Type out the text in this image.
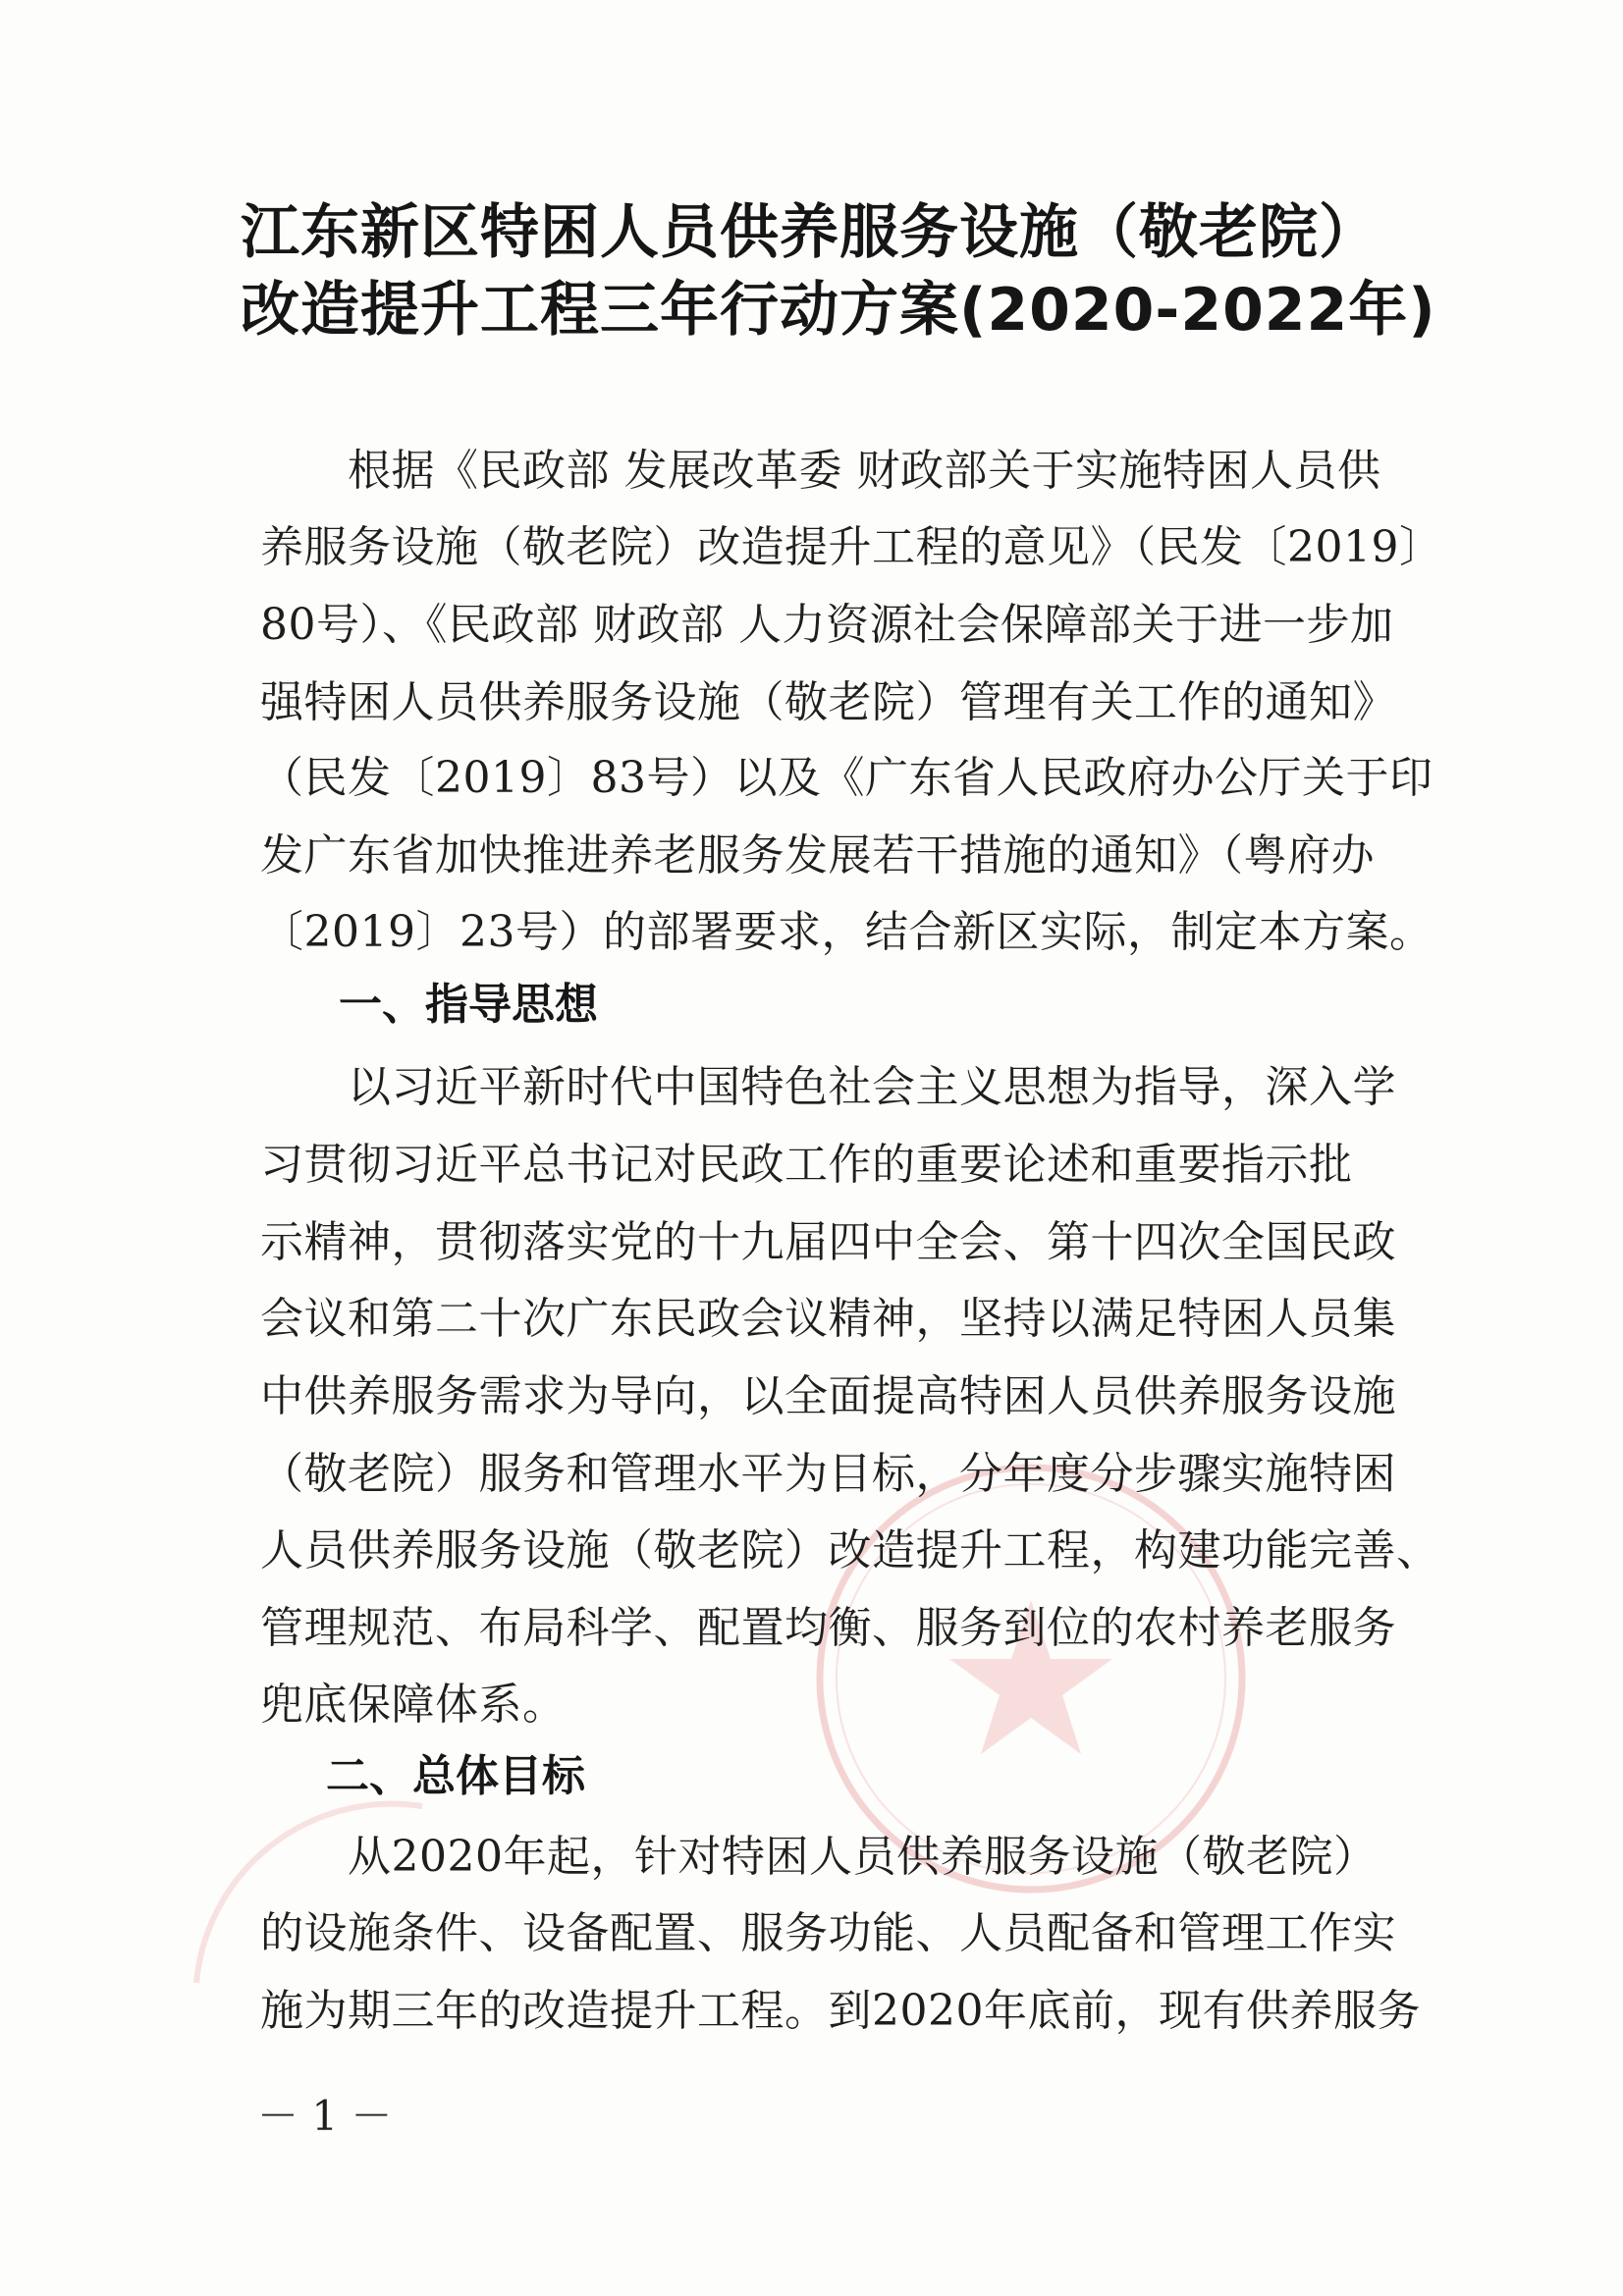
江东新区特困人员供养服务设施（敬老院）
改造提升工程三年行动方案(2020-2022年)
　　根据《民政部 发展改革委 财政部关于实施特困人员供
养服务设施（敬老院）改造提升工程的意见》（民发〔2019〕
80号）、《民政部 财政部 人力资源社会保障部关于进一步加
强特困人员供养服务设施（敬老院）管理有关工作的通知》
（民发〔2019〕83号）以及《广东省人民政府办公厅关于印
发广东省加快推进养老服务发展若干措施的通知》（粤府办
〔2019〕23号）的部署要求，结合新区实际，制定本方案。
一、指导思想
　　以习近平新时代中国特色社会主义思想为指导，深入学
习贯彻习近平总书记对民政工作的重要论述和重要指示批
示精神，贯彻落实党的十九届四中全会、第十四次全国民政
会议和第二十次广东民政会议精神，坚持以满足特困人员集
中供养服务需求为导向，以全面提高特困人员供养服务设施
（敬老院）服务和管理水平为目标，分年度分步骤实施特困
人员供养服务设施（敬老院）改造提升工程，构建功能完善、
管理规范、布局科学、配置均衡、服务到位的农村养老服务
兜底保障体系。
二、总体目标
　　从2020年起，针对特困人员供养服务设施（敬老院）
的设施条件、设备配置、服务功能、人员配备和管理工作实
施为期三年的改造提升工程。到2020年底前，现有供养服务
－ 1 －
